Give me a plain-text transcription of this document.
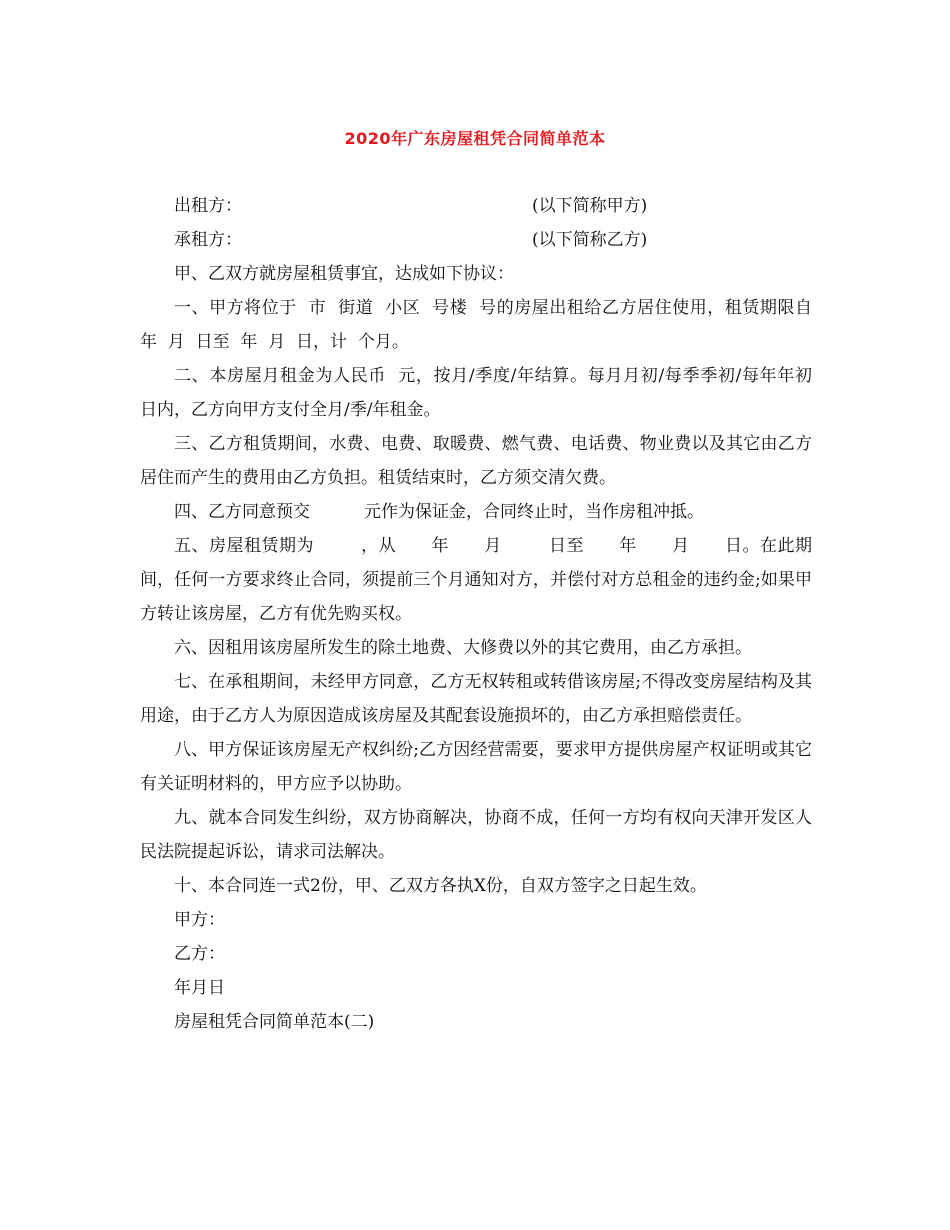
2020年广东房屋租凭合同简单范本
出租方：	(以下简称甲方)
承租方：	(以下简称乙方)

甲、乙双方就房屋租赁事宜，达成如下协议：

一、甲方将位于  市  街道  小区  号楼  号的房屋出租给乙方居住使用，租赁期限自  年  月  日至  年  月  日，计  个月。

二、本房屋月租金为人民币  元，按月/季度/年结算。每月月初/每季季初/每年年初  日内，乙方向甲方支付全月/季/年租金。

三、乙方租赁期间，水费、电费、取暖费、燃气费、电话费、物业费以及其它由乙方居住而产生的费用由乙方负担。租赁结束时，乙方须交清欠费。

四、乙方同意预交          元作为保证金，合同终止时，当作房租冲抵。

五、房屋租赁期为        ，从      年      月        日至      年      月      日。在此期间，任何一方要求终止合同，须提前三个月通知对方，并偿付对方总租金的违约金;如果甲方转让该房屋，乙方有优先购买权。

六、因租用该房屋所发生的除土地费、大修费以外的其它费用，由乙方承担。

七、在承租期间，未经甲方同意，乙方无权转租或转借该房屋;不得改变房屋结构及其用途，由于乙方人为原因造成该房屋及其配套设施损坏的，由乙方承担赔偿责任。

八、甲方保证该房屋无产权纠纷;乙方因经营需要，要求甲方提供房屋产权证明或其它有关证明材料的，甲方应予以协助。

九、就本合同发生纠纷，双方协商解决，协商不成，任何一方均有权向天津开发区人民法院提起诉讼，请求司法解决。

十、本合同连一式2份，甲、乙双方各执X份，自双方签字之日起生效。

甲方：

乙方：

年月日

房屋租凭合同简单范本(二)
